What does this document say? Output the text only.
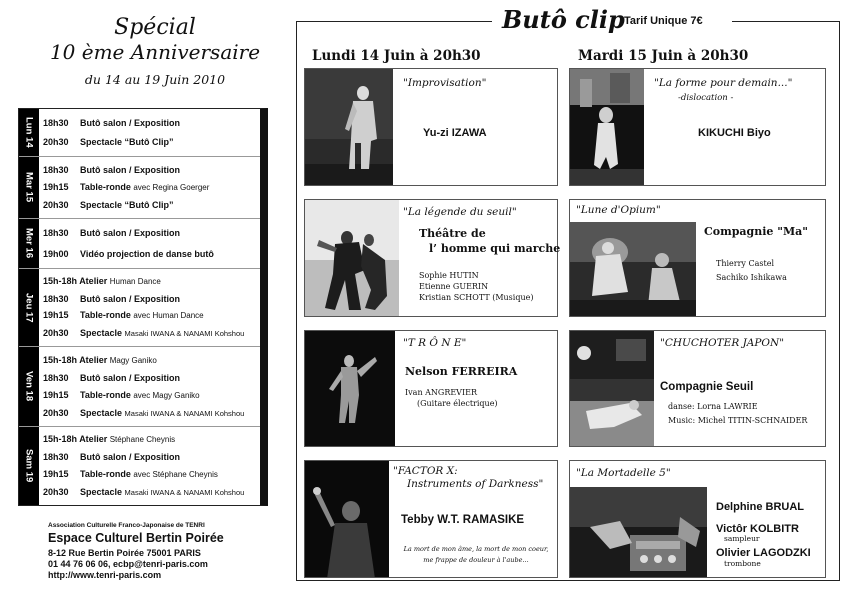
Spécial
10 ème Anniversaire
du 14 au 19 Juin 2010
Lun 14 18h30	Butô salon / Exposition
20h30	Spectacle “Butô Clip”
Mar 15
18h30	Butô salon / Exposition
19h15	Table-ronde avec Regina Goerger
20h30	Spectacle “Butô Clip”
Mer 16 18h30	Butô salon / Exposition
19h00	Vidéo projection de danse butô
Jeu 17
15h-18h Atelier Human Dance
18h30	Butô salon / Exposition
19h15	Table-ronde avec Human Dance
20h30	Spectacle Masaki IWANA & NANAMI Kohshou
Ven 18
15h-18h Atelier Magy Ganiko
18h30	Butô salon / Exposition
19h15	Table-ronde avec Magy Ganiko
20h30	Spectacle Masaki IWANA & NANAMI Kohshou
Sam 19
15h-18h Atelier Stéphane Cheynis
18h30	Butô salon / Exposition
19h15	Table-ronde avec Stéphane Cheynis
20h30	Spectacle Masaki IWANA & NANAMI Kohshou
Association Culturelle Franco-Japonaise de TENRI
Espace Culturel Bertin Poirée
8-12 Rue Bertin Poirée 75001 PARIS
01 44 76 06 06, ecbp@tenri-paris.com
http://www.tenri-paris.com
Butô clip Tarif Unique 7€
Lundi 14 Juin à 20h30	Mardi 15 Juin à 20h30
"Improvisation"
Yu-zi IZAWA
"La forme pour demain..."
-dislocation -
KIKUCHI Biyo
"La légende du seuil"
Théâtre de
l’ homme qui marche
Sophie HUTIN
Etienne GUERIN
Kristian SCHOTT (Musique)
"Lune d'Opium"
Compagnie "Ma"
Thierry Castel
Sachiko Ishikawa
"T R Ô N E"
Nelson FERREIRA
Ivan ANGREVIER
(Guitare électrique)
"CHUCHOTER JAPON"
Compagnie Seuil
danse: Lorna LAWRIE
Music: Michel TITIN-SCHNAIDER
"FACTOR X:
Instruments of Darkness"
Tebby W.T. RAMASIKE
La mort de mon âme, la mort de mon coeur,
me frappe de douleur à l'aube...
"La Mortadelle 5"
Delphine BRUAL
Victôr KOLBITR
sampleur
Olivier LAGODZKI
trombone
